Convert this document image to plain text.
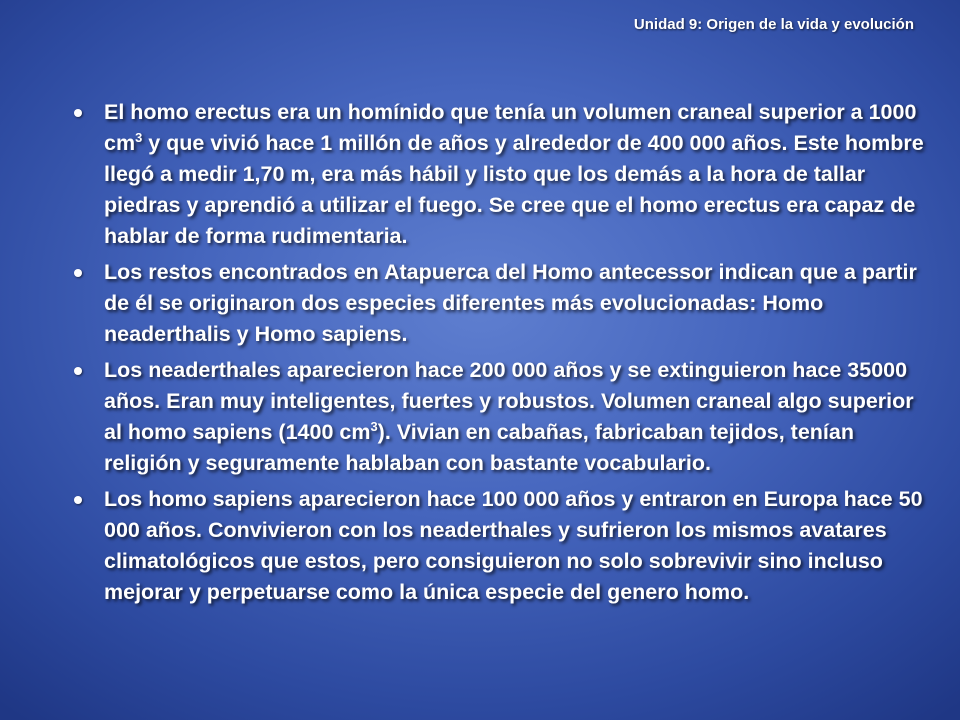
Unidad 9: Origen de la vida y evolución
El homo erectus era un homínido que tenía un volumen craneal superior a 1000 $cm^3$ y que vivió hace 1 millón de años y alrededor de 400 000 años. Este hombre llegó a medir 1,70 m, era más hábil y listo que los demás a la hora de tallar piedras y aprendió a utilizar el fuego. Se cree que el homo erectus era capaz de hablar de forma rudimentaria.
Los restos encontrados en Atapuerca del Homo antecessor indican que a partir de él se originaron dos especies diferentes más evolucionadas: Homo neaderthalis y Homo sapiens.
Los neaderthales aparecieron hace 200 000 años y se extinguieron hace 35000 años. Eran muy inteligentes, fuertes y robustos. Volumen craneal algo superior al homo sapiens (1400 $cm^3$). Vivian en cabañas, fabricaban tejidos, tenían religión y seguramente hablaban con bastante vocabulario.
Los homo sapiens aparecieron hace 100 000 años y entraron en Europa hace 50 000 años. Convivieron con los neaderthales y sufrieron los mismos avatares climatológicos que estos, pero consiguieron no solo sobrevivir sino incluso mejorar y perpetuarse como la única especie del genero homo.
